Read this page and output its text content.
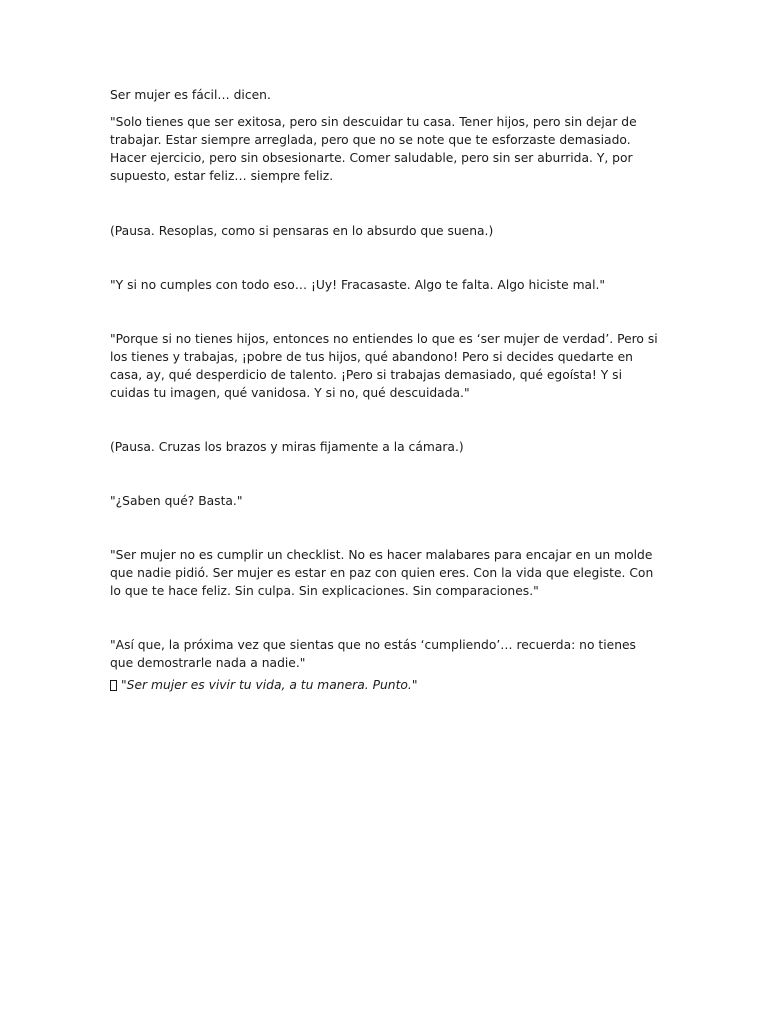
Ser mujer es fácil… dicen.

"Solo tienes que ser exitosa, pero sin descuidar tu casa. Tener hijos, pero sin dejar de trabajar. Estar siempre arreglada, pero que no se note que te esforzaste demasiado. Hacer ejercicio, pero sin obsesionarte. Comer saludable, pero sin ser aburrida. Y, por supuesto, estar feliz… siempre feliz.

(Pausa. Resoplas, como si pensaras en lo absurdo que suena.)

"Y si no cumples con todo eso… ¡Uy! Fracasaste. Algo te falta. Algo hiciste mal."

"Porque si no tienes hijos, entonces no entiendes lo que es ‘ser mujer de verdad’. Pero si los tienes y trabajas, ¡pobre de tus hijos, qué abandono! Pero si decides quedarte en casa, ay, qué desperdicio de talento. ¡Pero si trabajas demasiado, qué egoísta! Y si cuidas tu imagen, qué vanidosa. Y si no, qué descuidada."

(Pausa. Cruzas los brazos y miras fijamente a la cámara.)

"¿Saben qué? Basta."

"Ser mujer no es cumplir un checklist. No es hacer malabares para encajar en un molde que nadie pidió. Ser mujer es estar en paz con quien eres. Con la vida que elegiste. Con lo que te hace feliz. Sin culpa. Sin explicaciones. Sin comparaciones."

"Así que, la próxima vez que sientas que no estás ‘cumpliendo’… recuerda: no tienes que demostrarle nada a nadie."

"Ser mujer es vivir tu vida, a tu manera. Punto."
